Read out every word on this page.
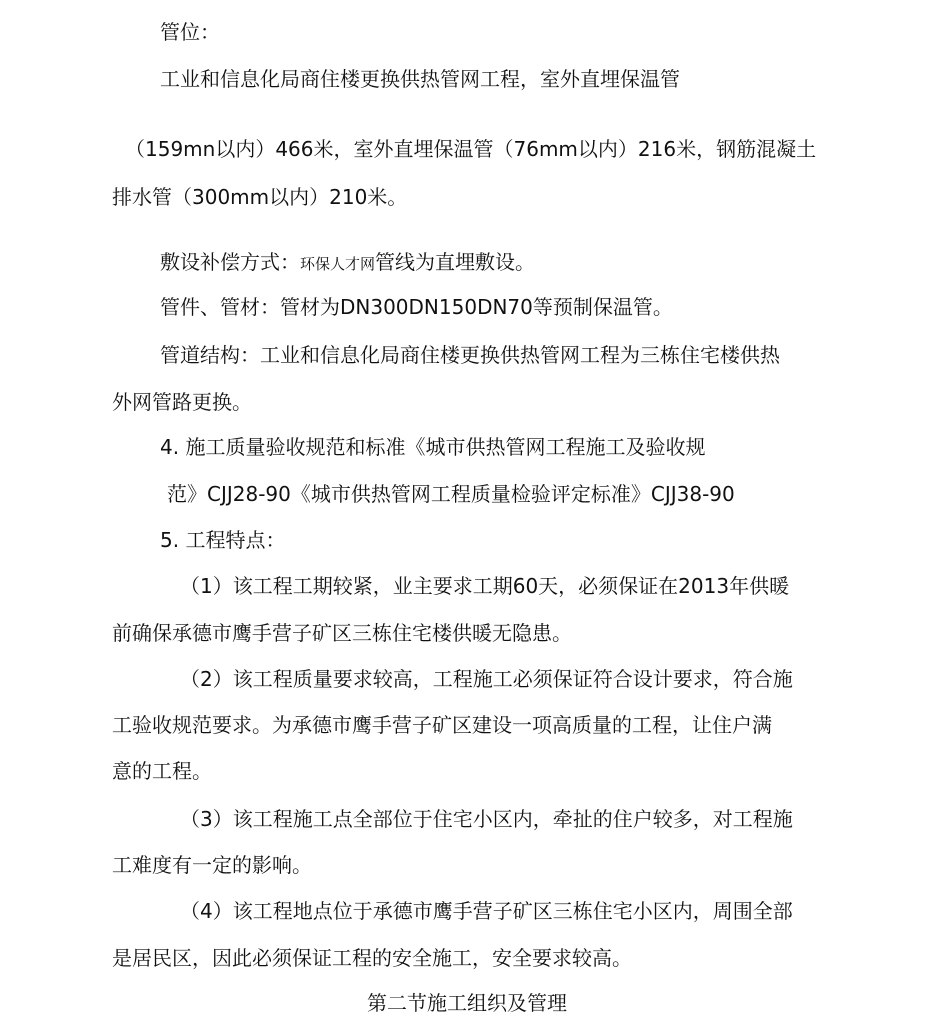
管位：
工业和信息化局商住楼更换供热管网工程，室外直埋保温管
（159mn以内）466米，室外直埋保温管（76mm以内）216米，钢筋混凝土
排水管（300mm以内）210米。
敷设补偿方式：环保人才网管线为直埋敷设。
管件、管材：管材为DN300DN150DN70等预制保温管。
管道结构：工业和信息化局商住楼更换供热管网工程为三栋住宅楼供热
外网管路更换。
4. 施工质量验收规范和标准《城市供热管网工程施工及验收规
范》CJJ28-90《城市供热管网工程质量检验评定标准》CJJ38-90
5. 工程特点：
（1）该工程工期较紧，业主要求工期60天，必须保证在2013年供暖
前确保承德市鹰手营子矿区三栋住宅楼供暖无隐患。
（2）该工程质量要求较高，工程施工必须保证符合设计要求，符合施
工验收规范要求。为承德市鹰手营子矿区建设一项高质量的工程，让住户满
意的工程。
（3）该工程施工点全部位于住宅小区内，牵扯的住户较多，对工程施
工难度有一定的影响。
（4）该工程地点位于承德市鹰手营子矿区三栋住宅小区内，周围全部
是居民区，因此必须保证工程的安全施工，安全要求较高。
第二节施工组织及管理
